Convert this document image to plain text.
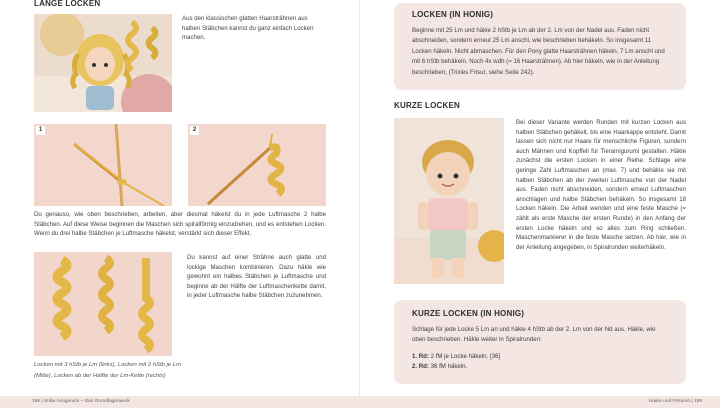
LANGE LOCKEN
Aus den klassischen glatten Haarsträhnen aus halben Stäbchen kannst du ganz einfach Locken machen.
1	2
Du genauso, wie oben beschrieben, arbeiten, aber diesmal häkelst du in jede Luftmasche 2 halbe Stäbchen. Auf diese Weise beginnen die Maschen sich spiralförmig einzudrehen, und es entstehen Locken. Wenn du drei halbe Stäbchen je Luftmasche häkelst, verstärkt sich dieser Effekt.
Du kannst auf einer Strähne auch glatte und lockige Maschen kombinieren. Dazu häkle wie gewohnt ein halbes Stäbchen je Luftmasche und beginne ab der Hälfte der Luftmaschenkette damit, in jeder Luftmasche halbe Stäbchen zuzunehmen.
Locken mit 3 hStb je Lm (links), Locken mit 2 hStb je Lm (Mitte), Locken ab der Hälfte der Lm-Kette (rechts)
198 | Süße Amigurumi – Das Grundlagenwerk
LOCKEN (IN HONIG)
Beginne mit 25 Lm und häkle 2 hStb je Lm ab der 2. Lm von der Nadel aus. Faden nicht abschneiden, sondern erneut 25 Lm anschl, wie beschrieben behäkeln. So insgesamt 11 Locken häkeln. Nicht abmaschen. Für den Pony glatte Haarsträhnen häkeln. 7 Lm anschl und mit 6 hStb behäkeln. Noch 4x wdh (= 16 Haarsträhnen). Ab hier häkeln, wie in der Anleitung beschrieben, (Trixies Frisur, siehe Seite 242).
KURZE LOCKEN
Bei dieser Variante werden Runden mit kurzen Locken aus halben Stäbchen gehäkelt, bis eine Haarkappe entsteht. Damit lassen sich nicht nur Haare für menschliche Figuren, sondern auch Mähnen und Kopffell für Tieramigurumi gestalten. Häkle zunächst die ersten Locken in einer Reihe. Schlage eine geringe Zahl Luftmaschen an (max. 7) und behäkle sie mit halben Stäbchen ab der zweiten Luftmasche von der Nadel aus. Faden nicht abschneiden, sondern erneut Luftmaschen anschlagen und halbe Stäbchen behäkeln. So insgesamt 18 Locken häkeln. Die Arbeit wenden und eine feste Masche (= zählt als erste Masche der ersten Runde) in den Anfang der ersten Locke häkeln und so alles zum Ring schließen. Maschenmarkierer in die feste Masche setzen. Ab hier, wie in der Anleitung angegeben, in Spiralrunden weiterhäkeln.
KURZE LOCKEN (IN HONIG)
Schlage für jede Locke 5 Lm an und häkle 4 hStb ab der 2. Lm von der Nd aus. Häkle, wie oben beschrieben. Häkle weiter in Spiralrunden:
1. Rd: 2 fM je Locke häkeln. [36]
2. Rd: 36 fM häkeln.
Haare und Frisuren | 199
